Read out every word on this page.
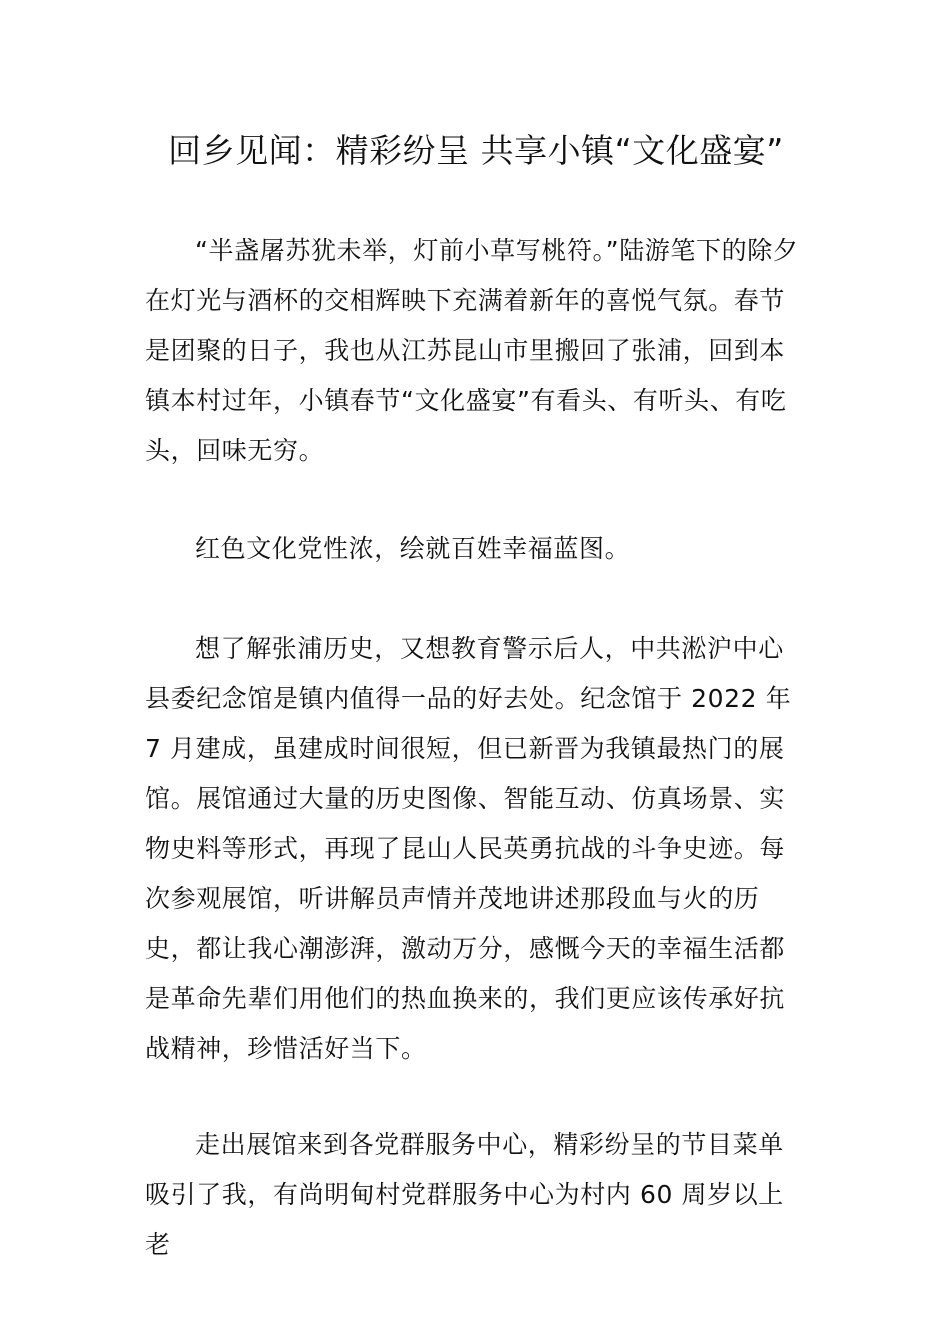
回乡见闻：精彩纷呈 共享小镇“文化盛宴”

“半盏屠苏犹未举，灯前小草写桃符。”陆游笔下的除夕在灯光与酒杯的交相辉映下充满着新年的喜悦气氛。春节是团聚的日子，我也从江苏昆山市里搬回了张浦，回到本镇本村过年，小镇春节“文化盛宴”有看头、有听头、有吃头，回味无穷。

红色文化党性浓，绘就百姓幸福蓝图。

想了解张浦历史，又想教育警示后人，中共淞沪中心县委纪念馆是镇内值得一品的好去处。纪念馆于 2022 年 7 月建成，虽建成时间很短，但已新晋为我镇最热门的展馆。展馆通过大量的历史图像、智能互动、仿真场景、实物史料等形式，再现了昆山人民英勇抗战的斗争史迹。每次参观展馆，听讲解员声情并茂地讲述那段血与火的历史，都让我心潮澎湃，激动万分，感慨今天的幸福生活都是革命先辈们用他们的热血换来的，我们更应该传承好抗战精神，珍惜活好当下。

走出展馆来到各党群服务中心，精彩纷呈的节目菜单吸引了我，有尚明甸村党群服务中心为村内 60 周岁以上老
